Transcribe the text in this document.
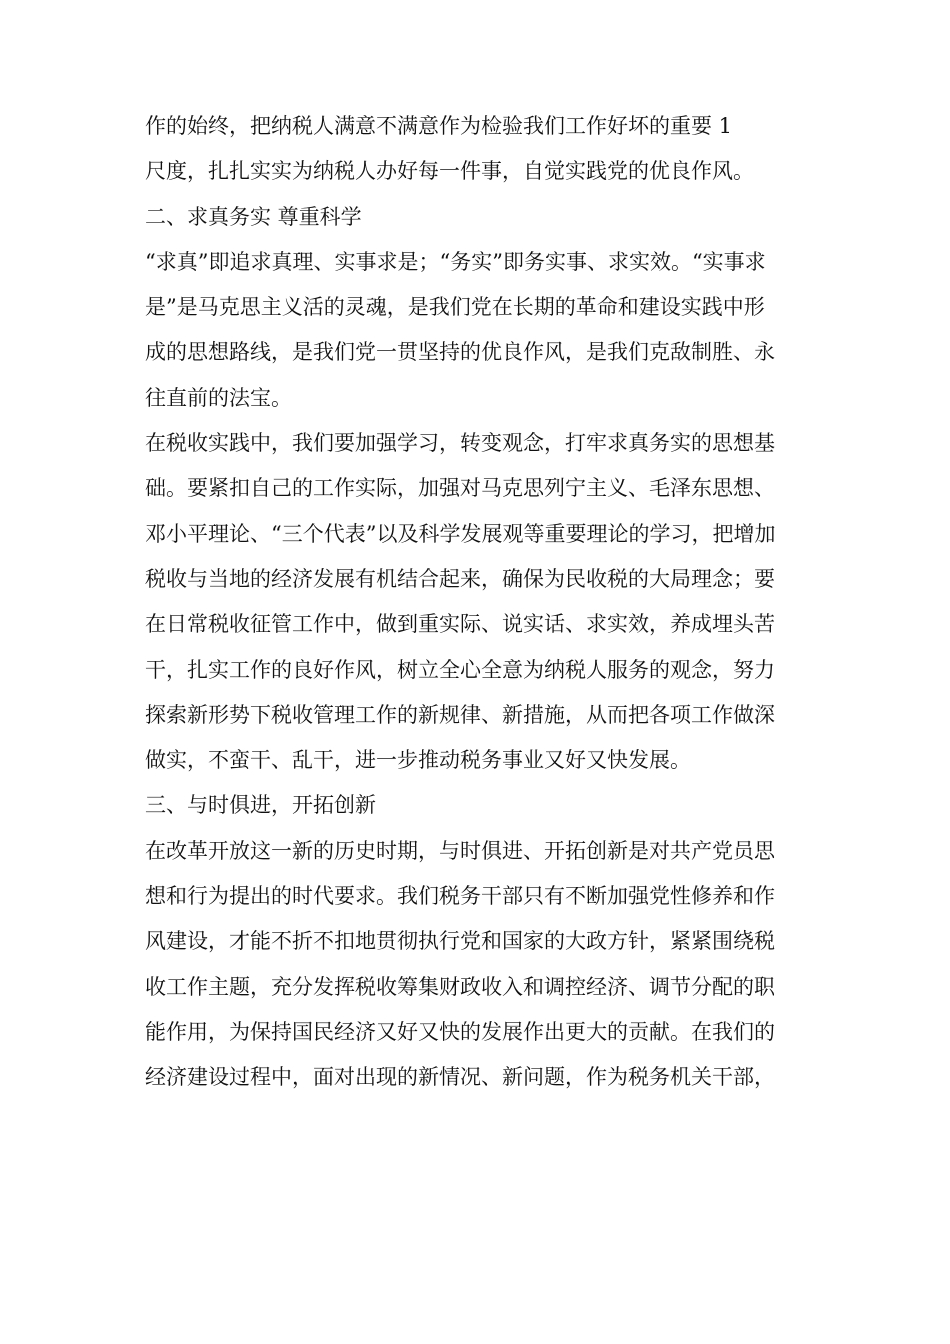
作的始终，把纳税人满意不满意作为检验我们工作好坏的重要 1
尺度，扎扎实实为纳税人办好每一件事，自觉实践党的优良作风。
二、求真务实 尊重科学
“求真”即追求真理、实事求是；“务实”即务实事、求实效。“实事求
是”是马克思主义活的灵魂，是我们党在长期的革命和建设实践中形
成的思想路线，是我们党一贯坚持的优良作风，是我们克敌制胜、永
往直前的法宝。
在税收实践中，我们要加强学习，转变观念，打牢求真务实的思想基
础。要紧扣自己的工作实际，加强对马克思列宁主义、毛泽东思想、
邓小平理论、“三个代表”以及科学发展观等重要理论的学习，把增加
税收与当地的经济发展有机结合起来，确保为民收税的大局理念；要
在日常税收征管工作中，做到重实际、说实话、求实效，养成埋头苦
干，扎实工作的良好作风，树立全心全意为纳税人服务的观念，努力
探索新形势下税收管理工作的新规律、新措施，从而把各项工作做深
做实，不蛮干、乱干，进一步推动税务事业又好又快发展。
三、与时俱进，开拓创新
在改革开放这一新的历史时期，与时俱进、开拓创新是对共产党员思
想和行为提出的时代要求。我们税务干部只有不断加强党性修养和作
风建设，才能不折不扣地贯彻执行党和国家的大政方针，紧紧围绕税
收工作主题，充分发挥税收筹集财政收入和调控经济、调节分配的职
能作用，为保持国民经济又好又快的发展作出更大的贡献。在我们的
经济建设过程中，面对出现的新情况、新问题，作为税务机关干部，
